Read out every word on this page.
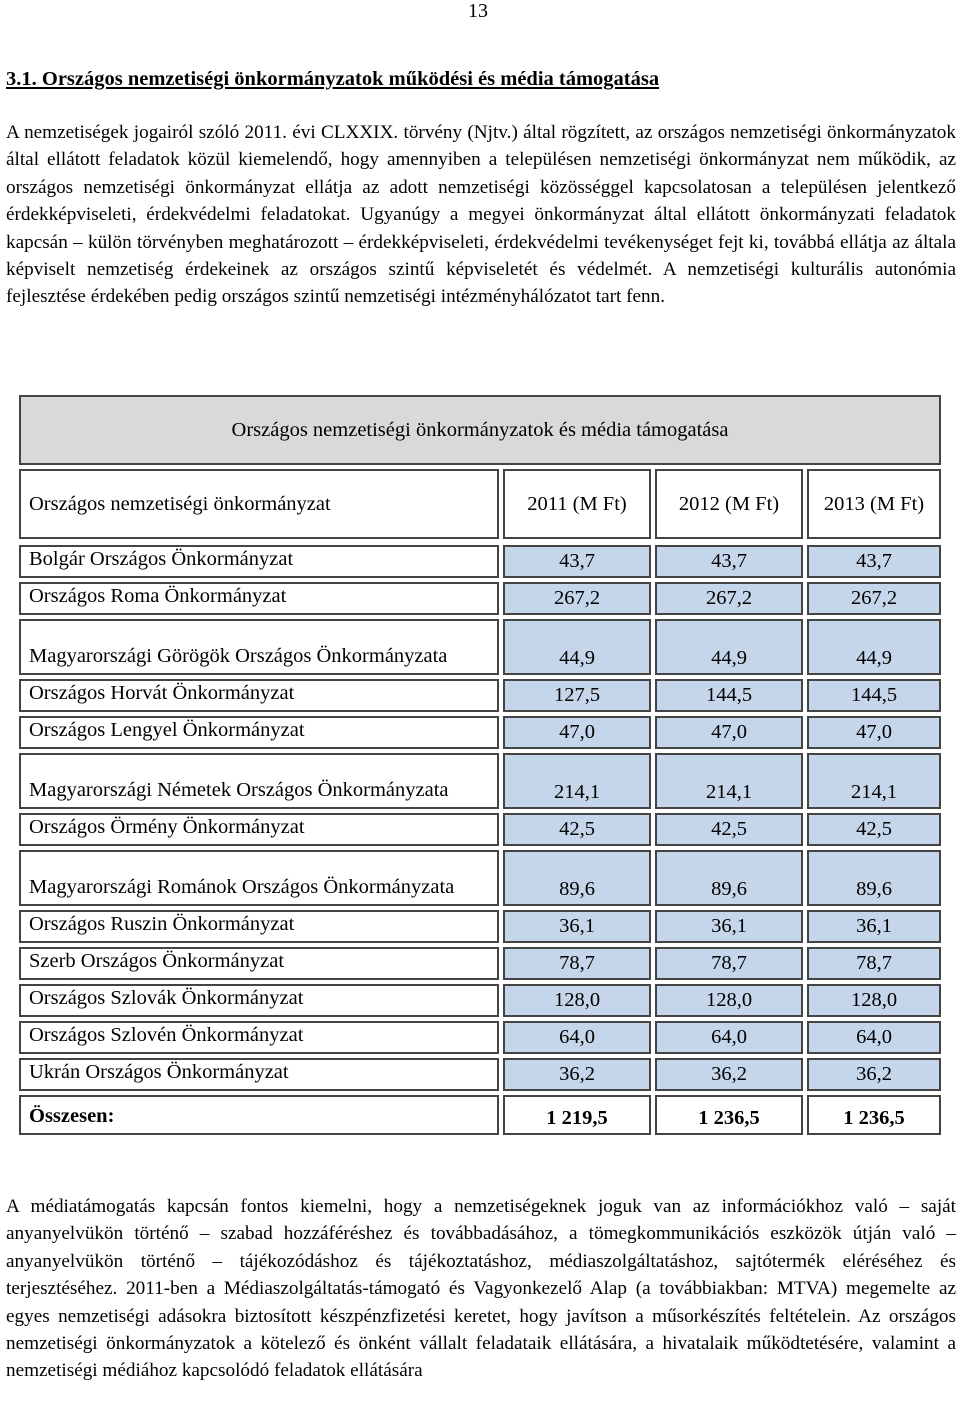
13
3.1. Országos nemzetiségi önkormányzatok működési és média támogatása

A nemzetiségek jogairól szóló 2011. évi CLXXIX. törvény (Njtv.) által rögzített, az országos nemzetiségi önkormányzatok által ellátott feladatok közül kiemelendő, hogy amennyiben a településen nemzetiségi önkormányzat nem működik, az országos nemzetiségi önkormányzat ellátja az adott nemzetiségi közösséggel kapcsolatosan a településen jelentkező érdekképviseleti, érdekvédelmi feladatokat. Ugyanúgy a megyei önkormányzat által ellátott önkormányzati feladatok kapcsán – külön törvényben meghatározott – érdekképviseleti, érdekvédelmi tevékenységet fejt ki, továbbá ellátja az általa képviselt nemzetiség érdekeinek az országos szintű képviseletét és védelmét. A nemzetiségi kulturális autonómia fejlesztése érdekében pedig országos szintű nemzetiségi intézményhálózatot tart fenn.

Országos nemzetiségi önkormányzatok és média támogatása
Országos nemzetiségi önkormányzat	2011 (M Ft)	2012 (M Ft)	2013 (M Ft)
Bolgár Országos Önkormányzat	43,7	43,7	43,7
Országos Roma Önkormányzat	267,2	267,2	267,2
Magyarországi Görögök Országos Önkormányzata	44,9	44,9	44,9
Országos Horvát Önkormányzat	127,5	144,5	144,5
Országos Lengyel Önkormányzat	47,0	47,0	47,0
Magyarországi Németek Országos Önkormányzata	214,1	214,1	214,1
Országos Örmény Önkormányzat	42,5	42,5	42,5
Magyarországi Románok Országos Önkormányzata	89,6	89,6	89,6
Országos Ruszin Önkormányzat	36,1	36,1	36,1
Szerb Országos Önkormányzat	78,7	78,7	78,7
Országos Szlovák Önkormányzat	128,0	128,0	128,0
Országos Szlovén Önkormányzat	64,0	64,0	64,0
Ukrán Országos Önkormányzat	36,2	36,2	36,2
Összesen:	1 219,5	1 236,5	1 236,5

A médiatámogatás kapcsán fontos kiemelni, hogy a nemzetiségeknek joguk van az információkhoz való – saját anyanyelvükön történő – szabad hozzáféréshez és továbbadásához, a tömegkommunikációs eszközök útján való – anyanyelvükön történő – tájékozódáshoz és tájékoztatáshoz, médiaszolgáltatáshoz, sajtótermék eléréséhez és terjesztéséhez. 2011-ben a Médiaszolgáltatás-támogató és Vagyonkezelő Alap (a továbbiakban: MTVA) megemelte az egyes nemzetiségi adásokra biztosított készpénzfizetési keretet, hogy javítson a műsorkészítés feltételein. Az országos nemzetiségi önkormányzatok a kötelező és önként vállalt feladataik ellátására, a hivatalaik működtetésére, valamint a nemzetiségi médiához kapcsolódó feladatok ellátására
